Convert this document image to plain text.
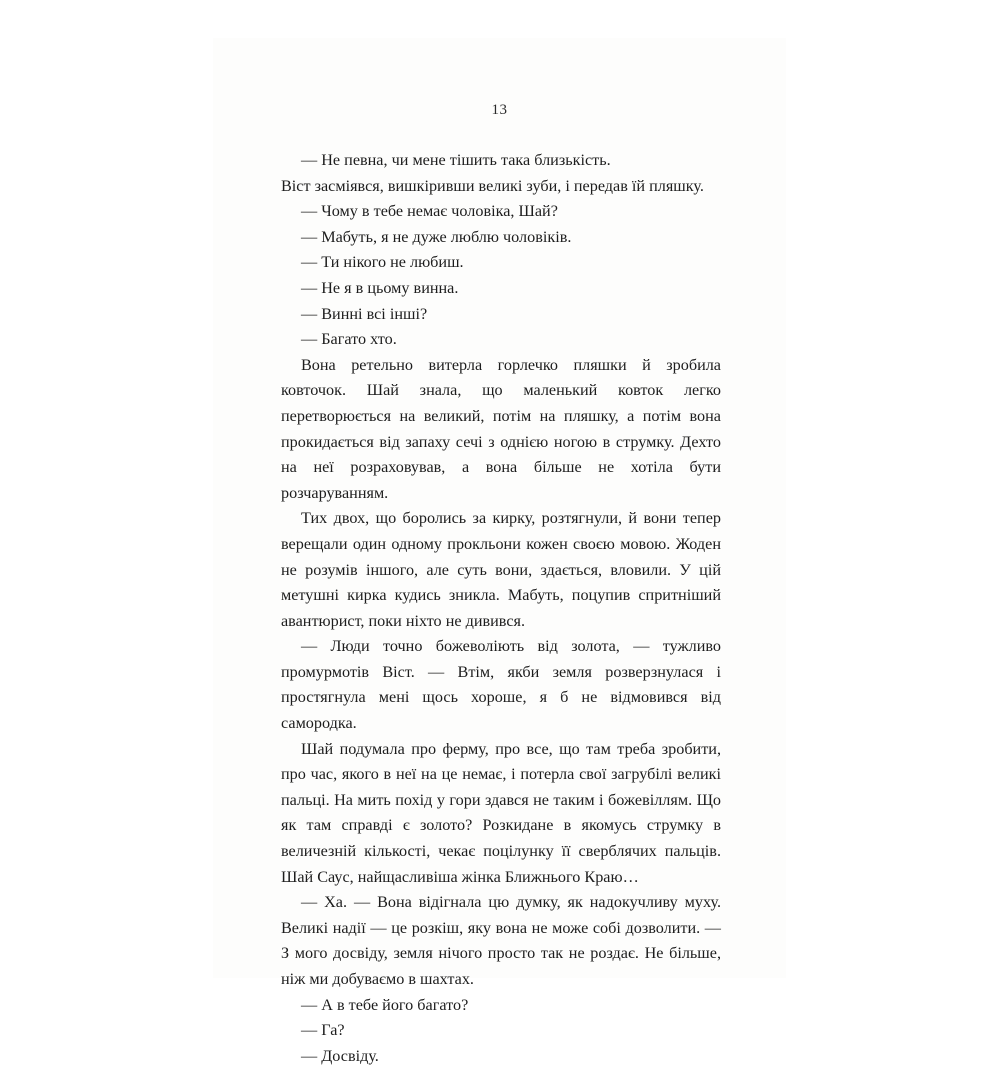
13

— Не певна, чи мене тішить така близькість.

Віст засміявся, вишкіривши великі зуби, і передав їй пляшку.

— Чому в тебе немає чоловіка, Шай?

— Мабуть, я не дуже люблю чоловіків.

— Ти нікого не любиш.

— Не я в цьому винна.

— Винні всі інші?

— Багато хто.

Вона ретельно витерла горлечко пляшки й зробила ковточок. Шай знала, що маленький ковток легко перетворюється на великий, потім на пляшку, а потім вона прокидається від запаху сечі з однією ногою в струмку. Дехто на неї розраховував, а вона більше не хотіла бути розчаруванням.

Тих двох, що боролись за кирку, розтягнули, й вони тепер верещали один одному прокльони кожен своєю мовою. Жоден не розумів іншого, але суть вони, здається, вловили. У цій метушні кирка кудись зникла. Мабуть, поцупив спритніший авантюрист, поки ніхто не дивився.

— Люди точно божеволіють від золота, — тужливо промурмотів Віст. — Втім, якби земля розверзнулася і простягнула мені щось хороше, я б не відмовився від самородка.

Шай подумала про ферму, про все, що там треба зробити, про час, якого в неї на це немає, і потерла свої загрубілі великі пальці. На мить похід у гори здався не таким і божевіллям. Що як там справді є золото? Розкидане в якомусь струмку в величезній кількості, чекає поцілунку її сверблячих пальців. Шай Саус, найщасливіша жінка Ближнього Краю…

— Ха. — Вона відігнала цю думку, як надокучливу муху. Великі надії — це розкіш, яку вона не може собі дозволити. — З мого досвіду, земля нічого просто так не роздає. Не більше, ніж ми добуваємо в шахтах.

— А в тебе його багато?

— Га?

— Досвіду.
